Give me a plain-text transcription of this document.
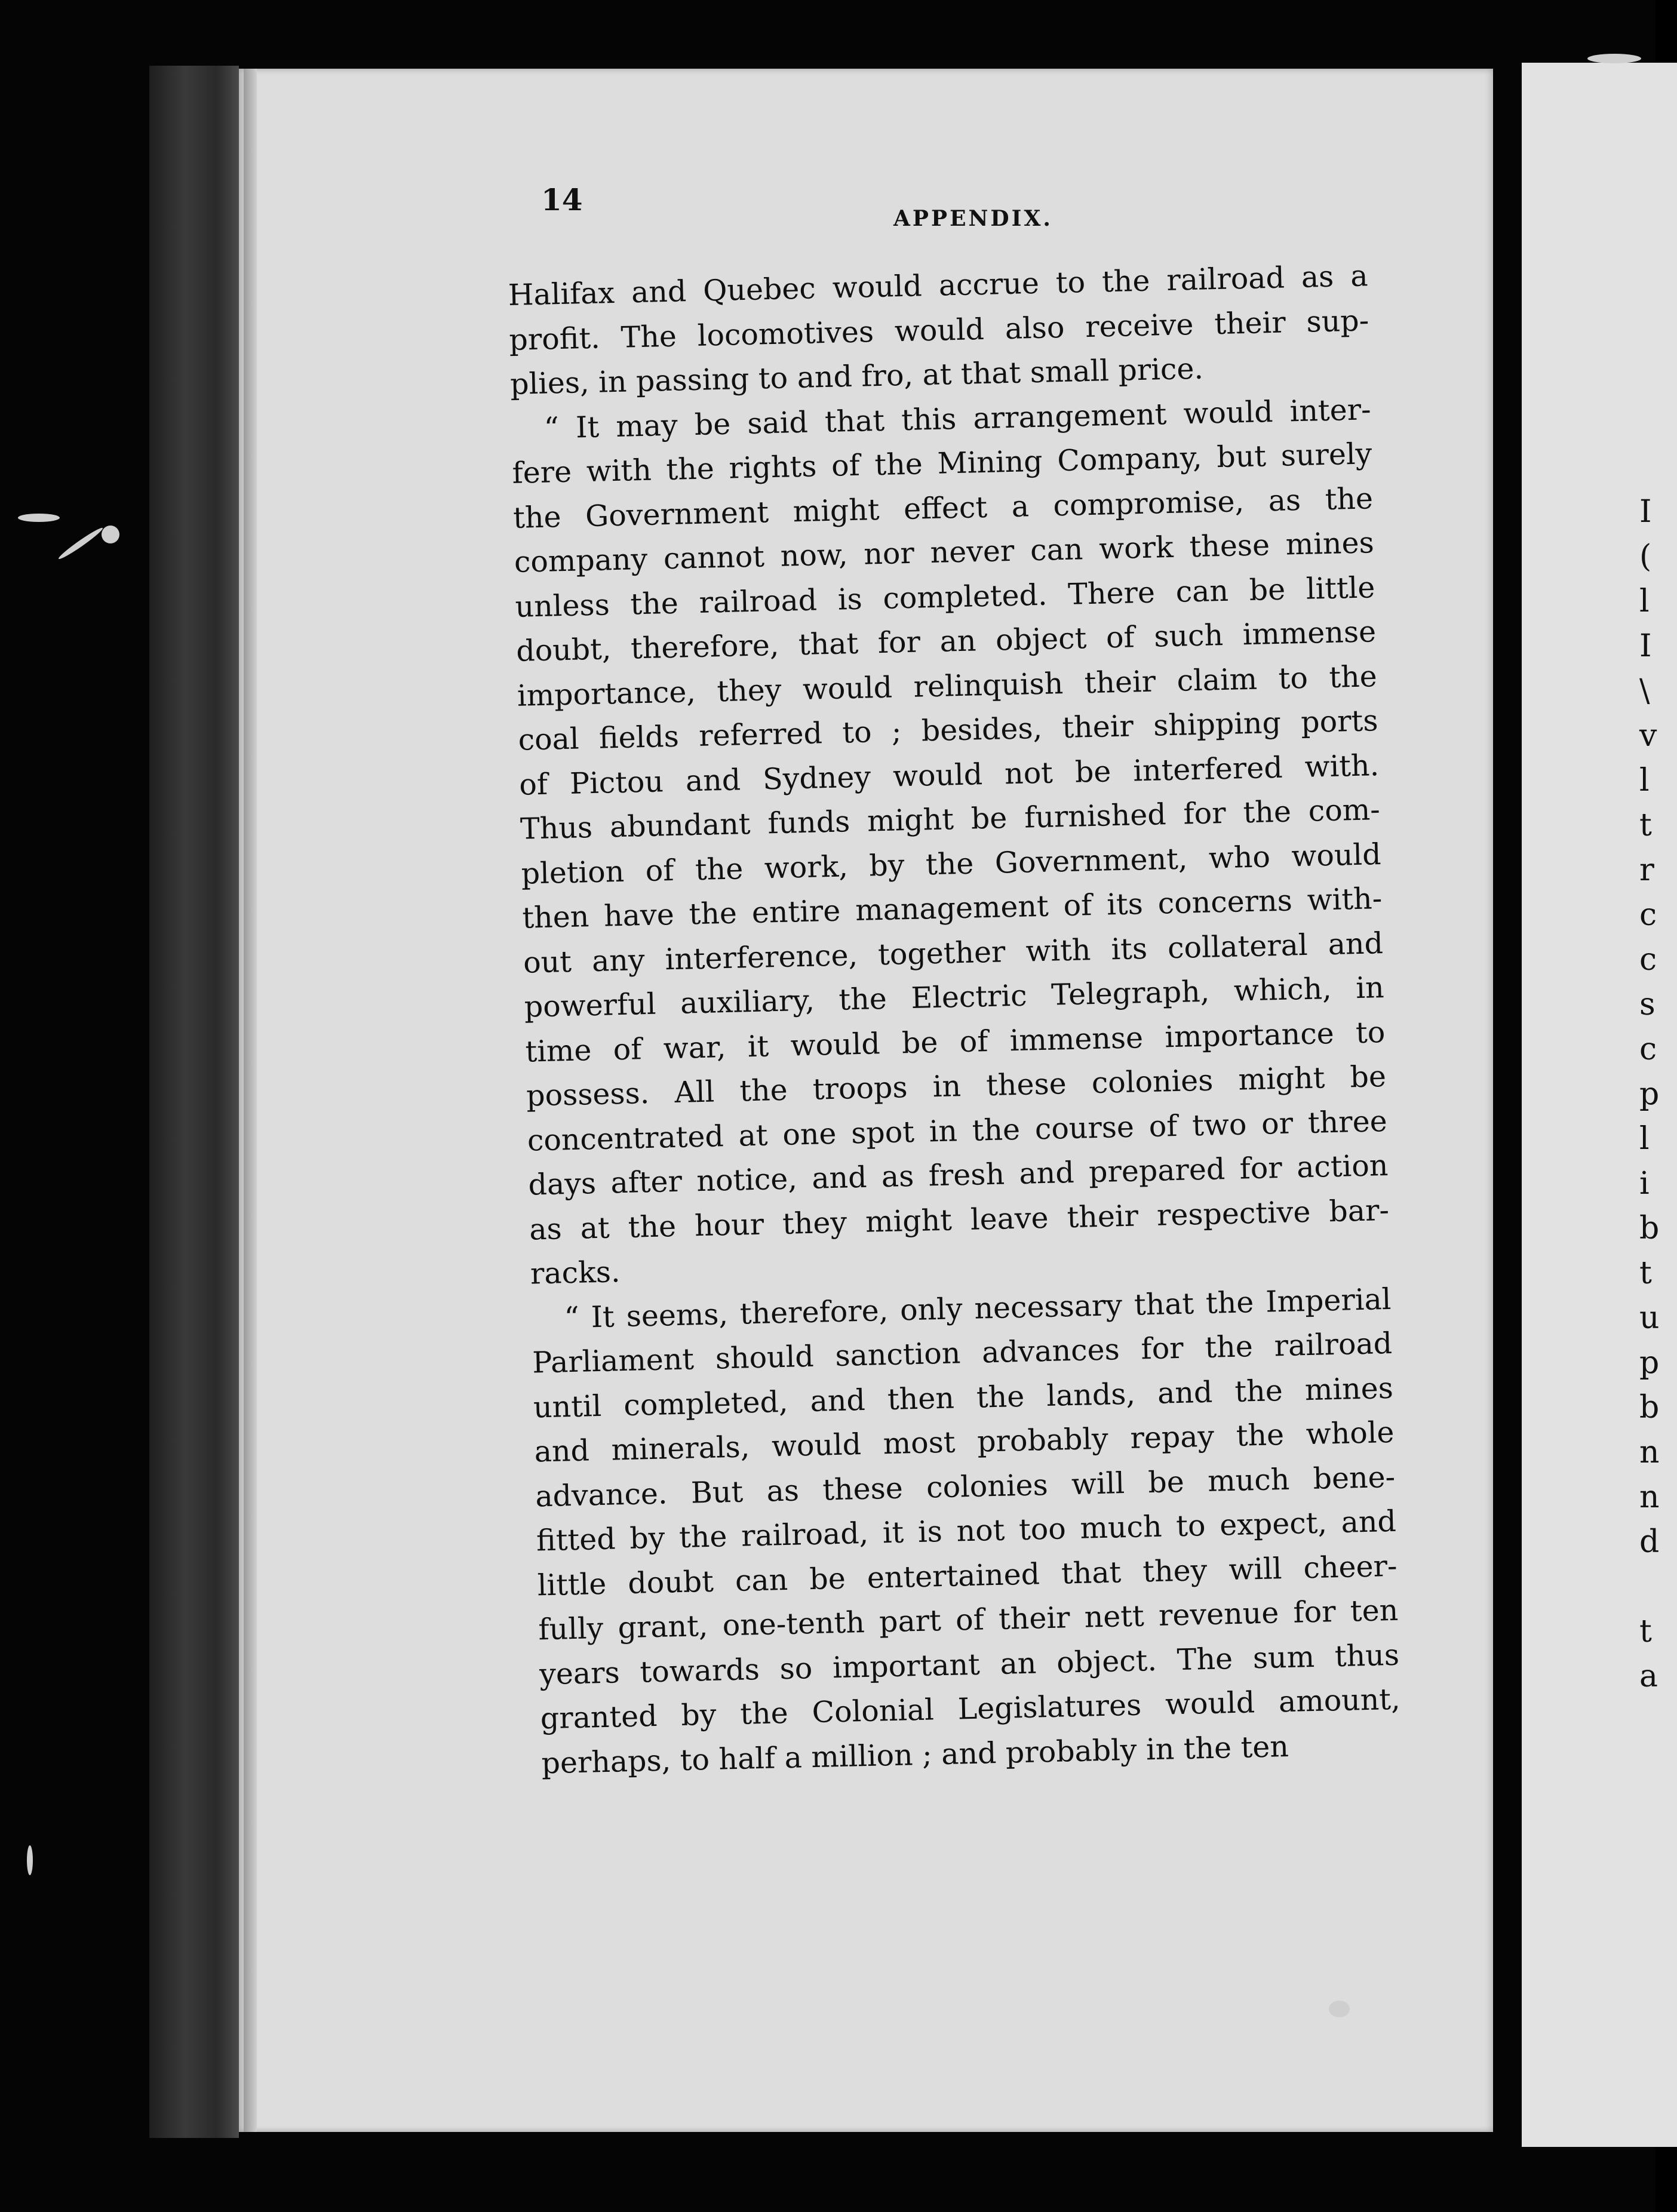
I
(
l
I
\
v
l
t
r
c
c
s
c
p
l
i
b
t
u
p
b
n
n
d

t
a
14
APPENDIX.
Halifax and Quebec would accrue to the railroad as a
profit. The locomotives would also receive their sup-
plies, in passing to and fro, at that small price.
“ It may be said that this arrangement would inter-
fere with the rights of the Mining Company, but surely
the Government might effect a compromise, as the
company cannot now, nor never can work these mines
unless the railroad is completed. There can be little
doubt, therefore, that for an object of such immense
importance, they would relinquish their claim to the
coal fields referred to ; besides, their shipping ports
of Pictou and Sydney would not be interfered with.
Thus abundant funds might be furnished for the com-
pletion of the work, by the Government, who would
then have the entire management of its concerns with-
out any interference, together with its collateral and
powerful auxiliary, the Electric Telegraph, which, in
time of war, it would be of immense importance to
possess. All the troops in these colonies might be
concentrated at one spot in the course of two or three
days after notice, and as fresh and prepared for action
as at the hour they might leave their respective bar-
racks.
“ It seems, therefore, only necessary that the Imperial
Parliament should sanction advances for the railroad
until completed, and then the lands, and the mines
and minerals, would most probably repay the whole
advance. But as these colonies will be much bene-
fitted by the railroad, it is not too much to expect, and
little doubt can be entertained that they will cheer-
fully grant, one-tenth part of their nett revenue for ten
years towards so important an object. The sum thus
granted by the Colonial Legislatures would amount,
perhaps, to half a million ; and probably in the ten
